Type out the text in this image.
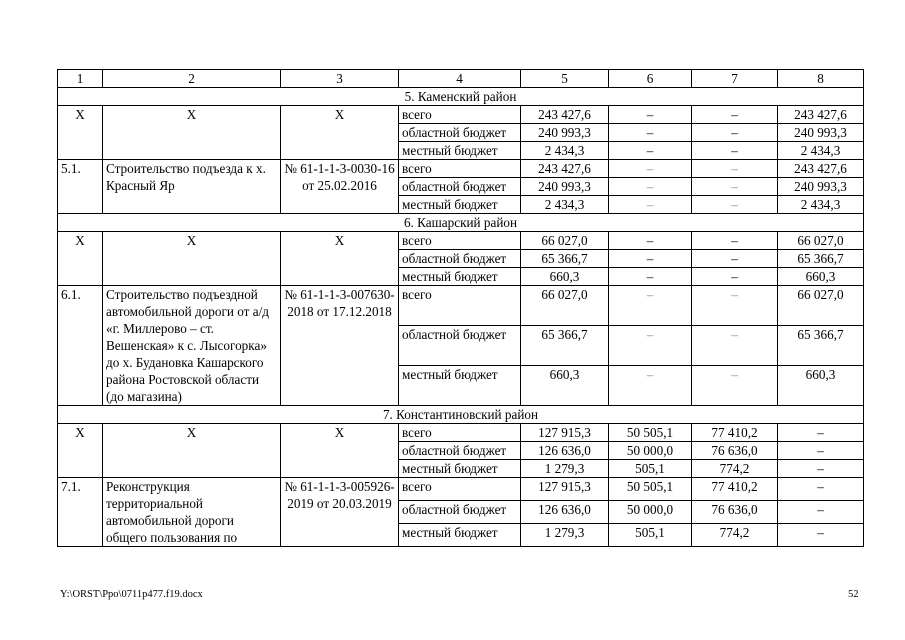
1	2	3	4	5	6	7	8
5. Каменский район							
X	X	X	всего	243 427,6	–	–	243 427,6
			областной бюджет	240 993,3	–	–	240 993,3
			местный бюджет	2 434,3	–	–	2 434,3
5.1.	Строительство подъезда к х. Красный Яр	№ 61-1-1-3-0030-16 от 25.02.2016	всего	243 427,6	–	–	243 427,6
			областной бюджет	240 993,3	–	–	240 993,3
			местный бюджет	2 434,3	–	–	2 434,3
6. Кашарский район							
X	X	X	всего	66 027,0	–	–	66 027,0
			областной бюджет	65 366,7	–	–	65 366,7
			местный бюджет	660,3	–	–	660,3
6.1.	Строительство подъездной автомобильной дороги от а/д «г. Миллерово – ст. Вешенская» к с. Лысогорка» до х. Будановка Кашарского района Ростовской области (до магазина)	№ 61-1-1-3-007630-2018 от 17.12.2018	всего	66 027,0	–	–	66 027,0
			областной бюджет	65 366,7	–	–	65 366,7
			местный бюджет	660,3	–	–	660,3
7. Константиновский район							
X	X	X	всего	127 915,3	50 505,1	77 410,2	–
			областной бюджет	126 636,0	50 000,0	76 636,0	–
			местный бюджет	1 279,3	505,1	774,2	–
7.1.	Реконструкция территориальной автомобильной дороги общего пользования по	№ 61-1-1-3-005926-2019 от 20.03.2019	всего	127 915,3	50 505,1	77 410,2	–
			областной бюджет	126 636,0	50 000,0	76 636,0	–
			местный бюджет	1 279,3	505,1	774,2	–
Y:\ORST\Ppo\0711p477.f19.docx	52
